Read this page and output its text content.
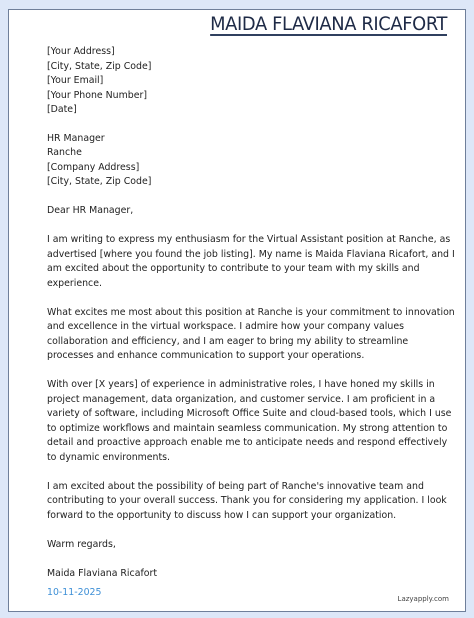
MAIDA FLAVIANA RICAFORT
[Your Address]
[City, State, Zip Code]
[Your Email]
[Your Phone Number]
[Date]
HR Manager
Ranche
[Company Address]
[City, State, Zip Code]

Dear HR Manager,

I am writing to express my enthusiasm for the Virtual Assistant position at Ranche, as advertised [where you found the job listing]. My name is Maida Flaviana Ricafort, and I am excited about the opportunity to contribute to your team with my skills and experience.

What excites me most about this position at Ranche is your commitment to innovation and excellence in the virtual workspace. I admire how your company values collaboration and efficiency, and I am eager to bring my ability to streamline processes and enhance communication to support your operations.

With over [X years] of experience in administrative roles, I have honed my skills in project management, data organization, and customer service. I am proficient in a variety of software, including Microsoft Office Suite and cloud-based tools, which I use to optimize workflows and maintain seamless communication. My strong attention to detail and proactive approach enable me to anticipate needs and respond effectively to dynamic environments.

I am excited about the possibility of being part of Ranche's innovative team and contributing to your overall success. Thank you for considering my application. I look forward to the opportunity to discuss how I can support your organization.

Warm regards,

Maida Flaviana Ricafort

10-11-2025

Lazyapply.com
